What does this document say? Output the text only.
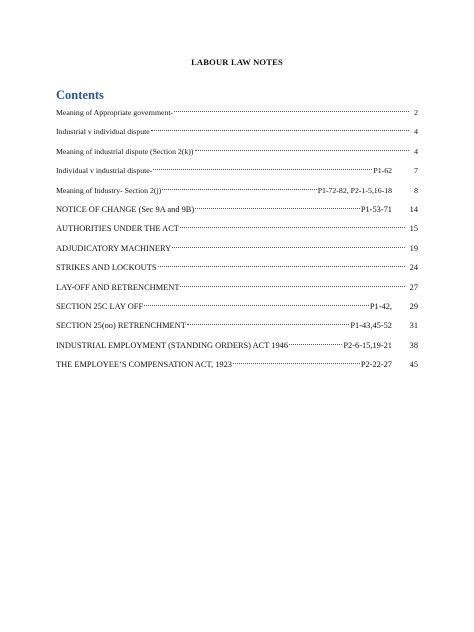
LABOUR LAW NOTES
Contents
Meaning of Appropriate government-	2
Industrial v individual dispute	4
Meaning of industrial dispute (Section 2(k))	4
Individual v industrial dispute-	P1-62	7
Meaning of Industry- Section 2(j)	P1-72-82, P2-1-5,16-18	8
NOTICE OF CHANGE (Sec 9A and 9B)	P1-53-71	14
AUTHORITIES UNDER THE ACT	15
ADJUDICATORY MACHINERY	19
STRIKES AND LOCKOUTS	24
LAY-OFF AND RETRENCHMENT	27
SECTION 25C LAY OFF	P1-42,	29
SECTION 25(oo) RETRENCHMENT	P1-43,45-52	31
INDUSTRIAL EMPLOYMENT (STANDING ORDERS) ACT 1946	P2-6-15,19-21	38
THE EMPLOYEE’S COMPENSATION ACT, 1923	P2-22-27	45
